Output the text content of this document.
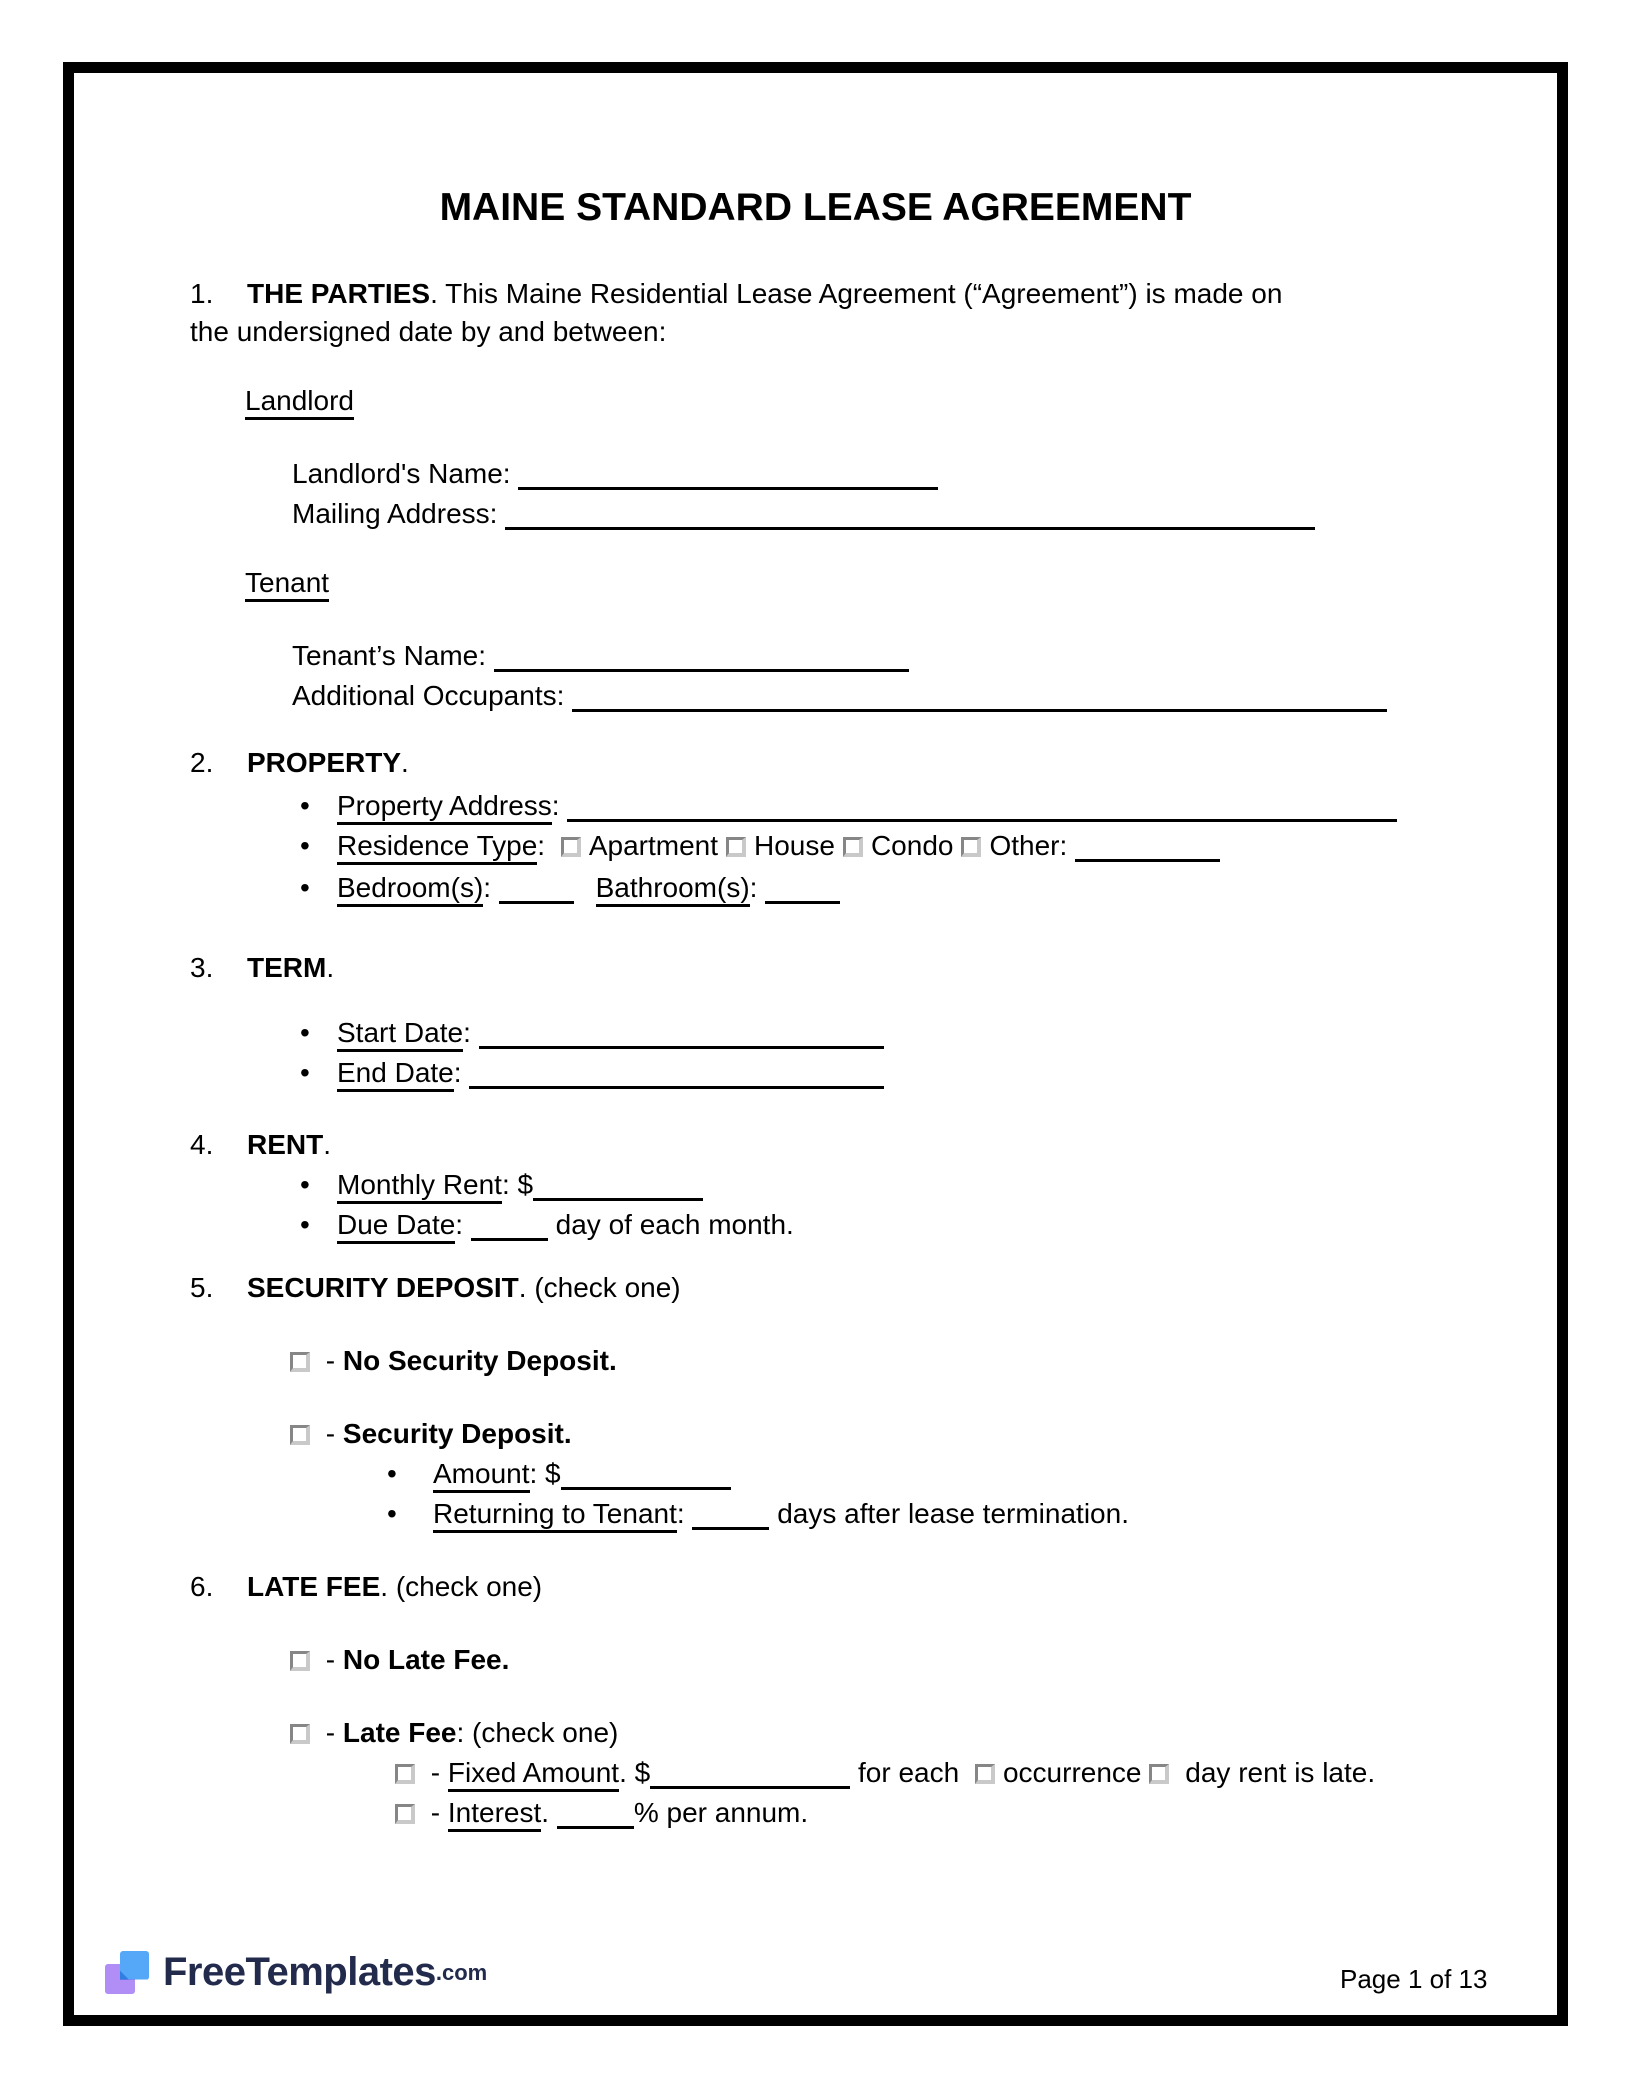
MAINE STANDARD LEASE AGREEMENT
1. THE PARTIES. This Maine Residential Lease Agreement (“Agreement”) is made on
the undersigned date by and between:
Landlord
Landlord's Name:
Mailing Address:
Tenant
Tenant’s Name:
Additional Occupants:
2. PROPERTY.
• Property Address:
• Residence Type: Apartment House Condo Other:
• Bedroom(s):	Bathroom(s):
3. TERM.
• Start Date:
• End Date:
4. RENT.
• Monthly Rent: $
• Due Date:	day of each month.
5. SECURITY DEPOSIT. (check one)
- No Security Deposit.
- Security Deposit.
• Amount: $
• Returning to Tenant:	days after lease termination.
6. LATE FEE. (check one)
- No Late Fee.
- Late Fee: (check one)
- Fixed Amount. $	for each occurrence day rent is late.
- Interest.	% per annum.
FreeTemplates .com	Page 1 of 13
